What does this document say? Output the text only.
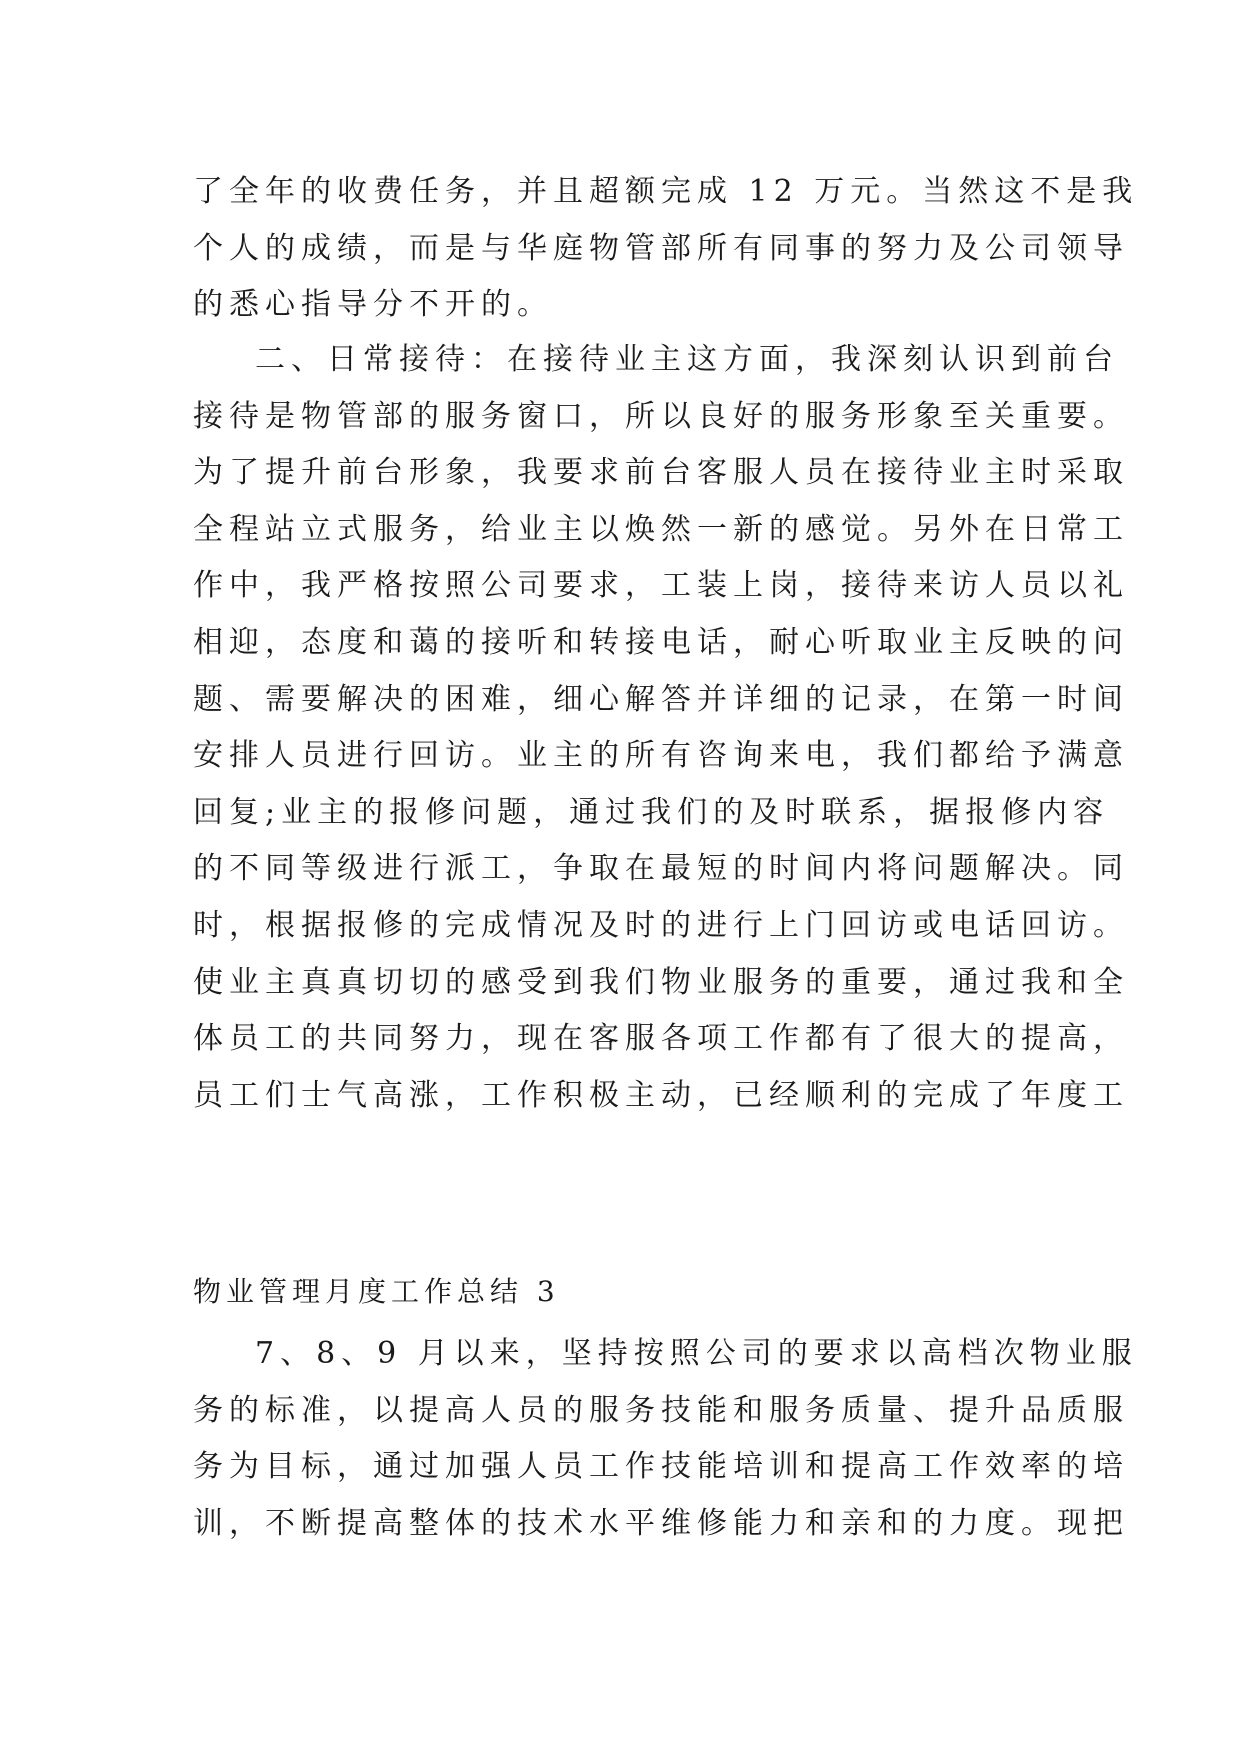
了全年的收费任务，并且超额完成 12 万元。当然这不是我
个人的成绩，而是与华庭物管部所有同事的努力及公司领导
的悉心指导分不开的。
二、日常接待：在接待业主这方面，我深刻认识到前台
接待是物管部的服务窗口，所以良好的服务形象至关重要。
为了提升前台形象，我要求前台客服人员在接待业主时采取
全程站立式服务，给业主以焕然一新的感觉。另外在日常工
作中，我严格按照公司要求，工装上岗，接待来访人员以礼
相迎，态度和蔼的接听和转接电话，耐心听取业主反映的问
题、需要解决的困难，细心解答并详细的记录，在第一时间
安排人员进行回访。业主的所有咨询来电，我们都给予满意
回复;业主的报修问题，通过我们的及时联系，据报修内容
的不同等级进行派工，争取在最短的时间内将问题解决。同
时，根据报修的完成情况及时的进行上门回访或电话回访。
使业主真真切切的感受到我们物业服务的重要，通过我和全
体员工的共同努力，现在客服各项工作都有了很大的提高，
员工们士气高涨，工作积极主动，已经顺利的完成了年度工
物业管理月度工作总结 3
7、8、9 月以来，坚持按照公司的要求以高档次物业服
务的标准，以提高人员的服务技能和服务质量、提升品质服
务为目标，通过加强人员工作技能培训和提高工作效率的培
训，不断提高整体的技术水平维修能力和亲和的力度。现把
